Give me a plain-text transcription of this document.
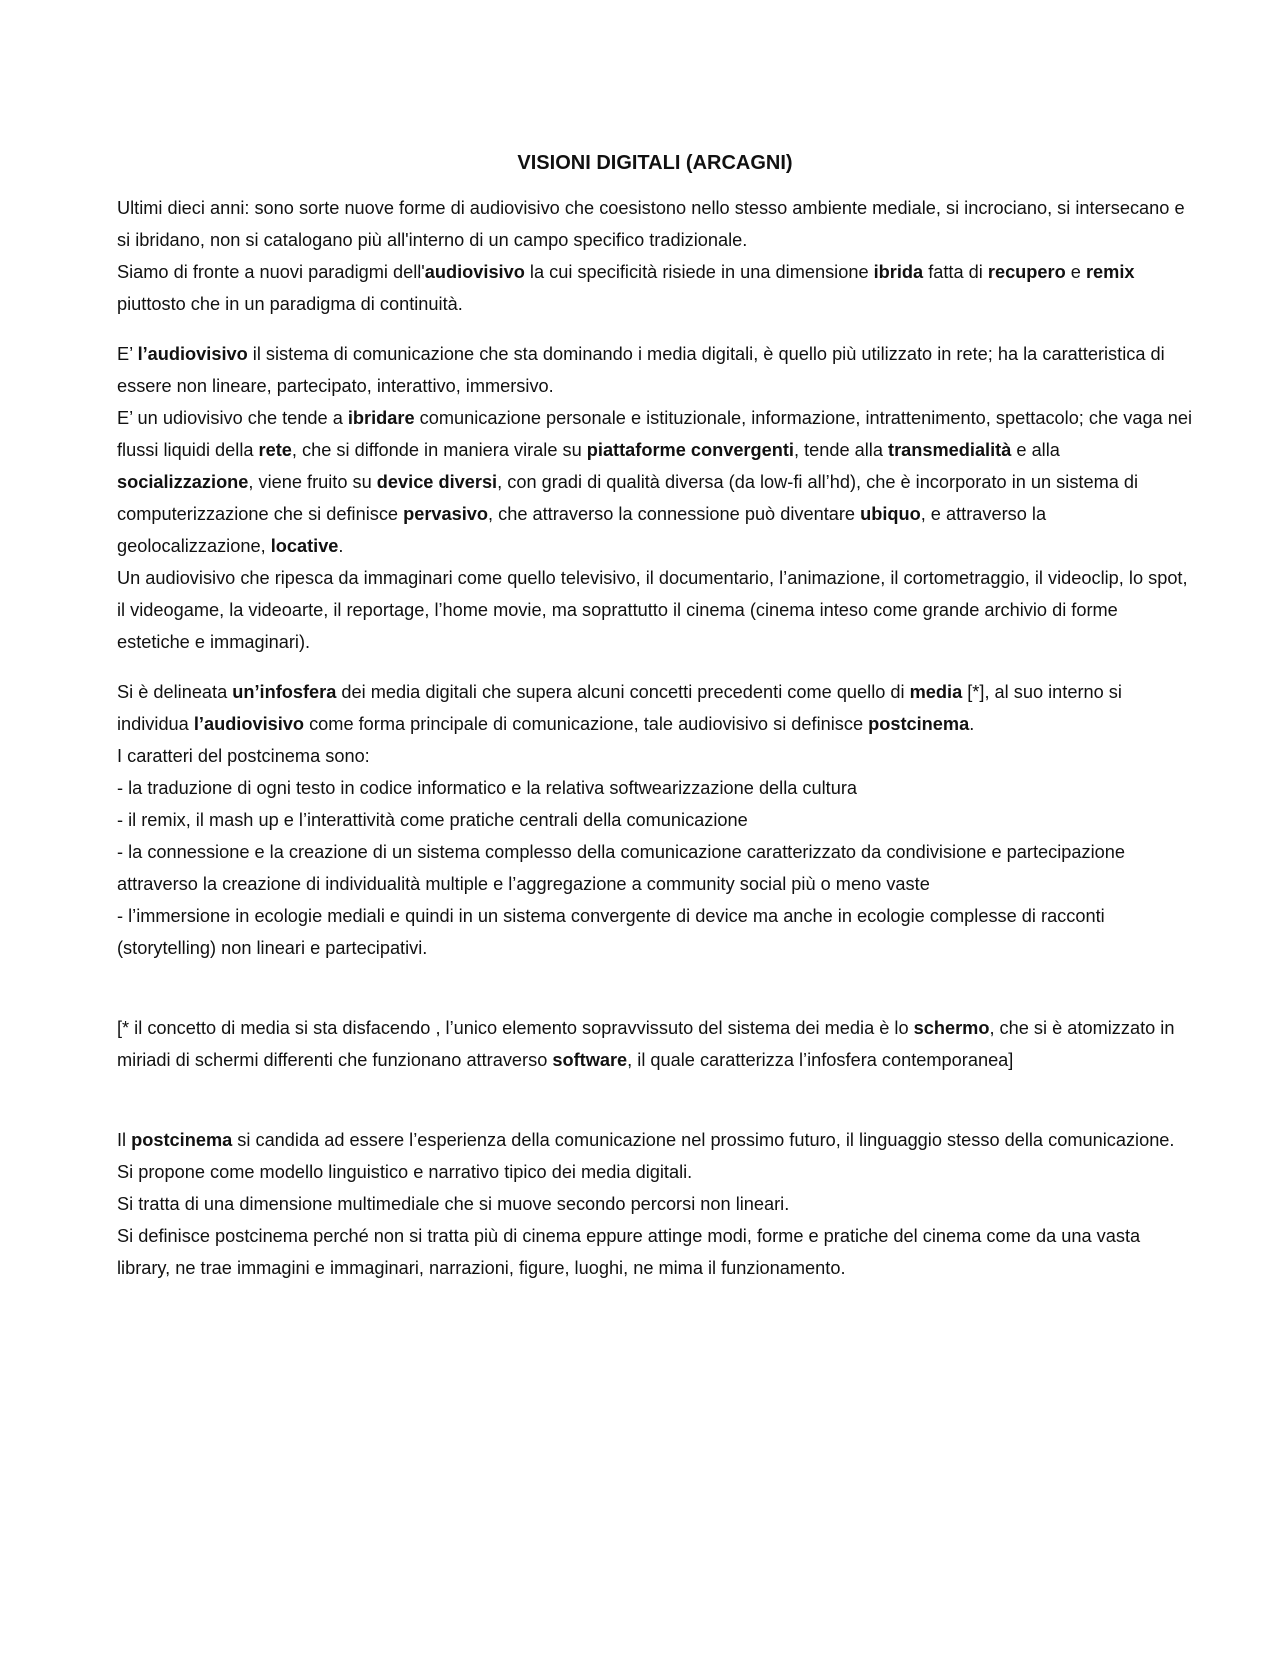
VISIONI DIGITALI (ARCAGNI)
Ultimi dieci anni: sono sorte nuove forme di audiovisivo che coesistono nello stesso ambiente mediale, si incrociano, si intersecano e si ibridano, non si catalogano più all'interno di un campo specifico tradizionale.
Siamo di fronte a nuovi paradigmi dell'audiovisivo la cui specificità risiede in una dimensione ibrida fatta di recupero e remix piuttosto che in un paradigma di continuità.
E’ l’audiovisivo il sistema di comunicazione che sta dominando i media digitali, è quello più utilizzato in rete; ha la caratteristica di essere non lineare, partecipato, interattivo, immersivo.
E’ un udiovisivo che tende a ibridare comunicazione personale e istituzionale, informazione, intrattenimento, spettacolo; che vaga nei flussi liquidi della rete, che si diffonde in maniera virale su piattaforme convergenti, tende alla transmedialità e alla socializzazione, viene fruito su device diversi, con gradi di qualità diversa (da low-fi all’hd), che è incorporato in un sistema di computerizzazione che si definisce pervasivo, che attraverso la connessione può diventare ubiquo, e attraverso la geolocalizzazione, locative.
Un audiovisivo che ripesca da immaginari come quello televisivo, il documentario, l’animazione, il cortometraggio, il videoclip, lo spot, il videogame, la videoarte, il reportage, l’home movie, ma soprattutto il cinema (cinema inteso come grande archivio di forme estetiche e immaginari).
Si è delineata un’infosfera dei media digitali che supera alcuni concetti precedenti come quello di media [*], al suo interno si individua l’audiovisivo come forma principale di comunicazione, tale audiovisivo si definisce postcinema.
I caratteri del postcinema sono:
- la traduzione di ogni testo in codice informatico e la relativa softwearizzazione della cultura
- il remix, il mash up e l’interattività come pratiche centrali della comunicazione
- la connessione e la creazione di un sistema complesso della comunicazione caratterizzato da condivisione e partecipazione attraverso la creazione di individualità multiple e l’aggregazione a community social più o meno vaste
- l’immersione in ecologie mediali e quindi in un sistema convergente di device ma anche in ecologie complesse di racconti (storytelling) non lineari e partecipativi.
[* il concetto di media si sta disfacendo , l’unico elemento sopravvissuto del sistema dei media è lo schermo, che si è atomizzato in miriadi di schermi differenti che funzionano attraverso software, il quale caratterizza l’infosfera contemporanea]
Il postcinema si candida ad essere l’esperienza della comunicazione nel prossimo futuro, il linguaggio stesso della comunicazione. Si propone come modello linguistico e narrativo tipico dei media digitali.
Si tratta di una dimensione multimediale che si muove secondo percorsi non lineari.
Si definisce postcinema perché non si tratta più di cinema eppure attinge modi, forme e pratiche del cinema come da una vasta library, ne trae immagini e immaginari, narrazioni, figure, luoghi, ne mima il funzionamento.
